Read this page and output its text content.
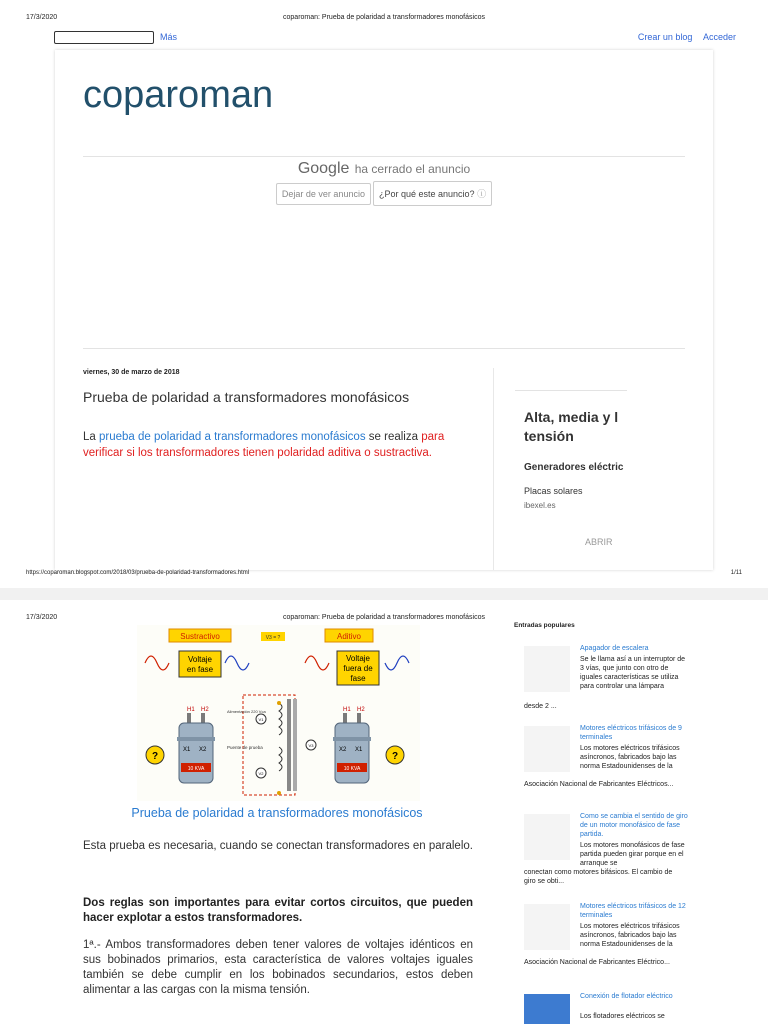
17/3/2020	coparoman: Prueba de polaridad a transformadores monofásicos
Más	Crear un blog Acceder
coparoman
Google ha cerrado el anuncio
Dejar de ver anuncio ¿Por qué este anuncio? ⓘ
viernes, 30 de marzo de 2018
Prueba de polaridad a transformadores monofásicos
La prueba de polaridad a transformadores monofásicos se realiza para verificar si los transformadores tienen polaridad aditiva o sustractiva.
Alta, media y l tensión
Generadores eléctric
Placas solares
ibexel.es
ABRIR
https://coparoman.blogspot.com/2018/03/prueba-de-polaridad-transformadores.html	1/11
17/3/2020	coparoman: Prueba de polaridad a transformadores monofásicos
Sustractivo	V3 = ?	Aditivo
Voltaje
en fase
Voltaje
fuera de
fase
H1 H2
X1 X2
10 KVA
?
H1 H2
X2 X1
10 KVA
?
V1
V2
V3
Alimentación 220 Vca
Puente de prueba
Prueba de polaridad a transformadores monofásicos
Esta prueba es necesaria, cuando se conectan transformadores en paralelo.
Dos reglas son importantes para evitar cortos circuitos, que pueden hacer explotar a estos transformadores.
1ª.- Ambos transformadores deben tener valores de voltajes idénticos en sus bobinados primarios, esta característica de valores voltajes iguales también se debe cumplir en los bobinados secundarios, estos deben alimentar a las cargas con la misma tensión.
Entradas populares
Apagador de escalera
Se le llama así a un interruptor de 3 vías, que junto con otro de iguales características se utiliza para controlar una lámpara
desde 2 ...
Motores eléctricos trifásicos de 9 terminales
Los motores eléctricos trifásicos asíncronos, fabricados bajo las norma Estadounidenses de la
Asociación Nacional de Fabricantes Eléctricos...
Como se cambia el sentido de giro de un motor monofásico de fase partida.
Los motores monofásicos de fase partida pueden girar porque en el arranque se
conectan como motores bifásicos. El cambio de giro se obti...
Motores eléctricos trifásicos de 12 terminales
Los motores eléctricos trifásicos asíncronos, fabricados bajo las norma Estadounidenses de la
Asociación Nacional de Fabricantes Eléctrico...
Conexión de flotador eléctrico
Los flotadores eléctricos se
